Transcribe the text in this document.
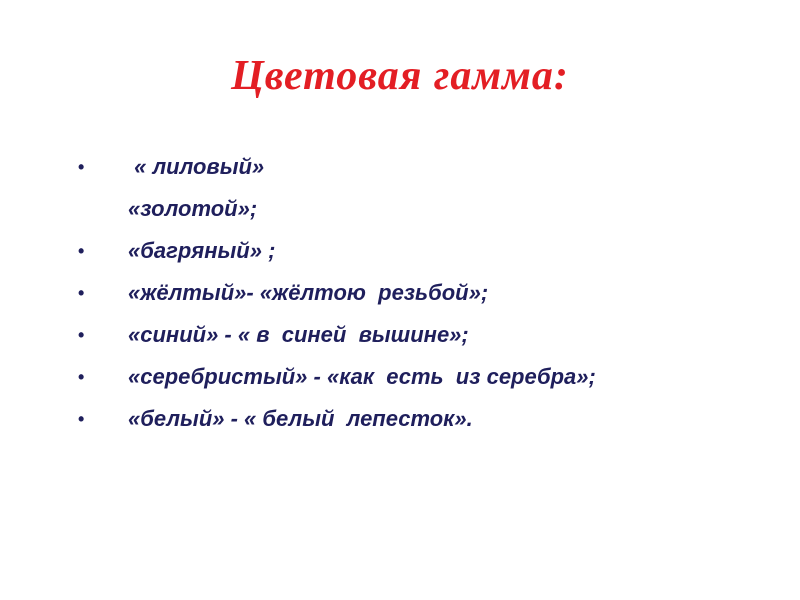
Цветовая гамма:

•

	« лиловый»

«золотой»;

•

	«багряный» ;

•

	«жёлтый»- «жёлтою  резьбой»;

•

	«синий» - « в  синей  вышине»;

•

	«серебристый» - «как  есть  из серебра»;

•

	«белый» - « белый  лепесток».
